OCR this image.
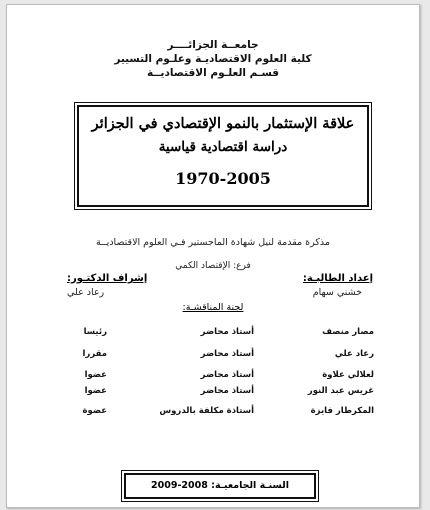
جامعــة الجزائــــر
كلية العلوم الاقتصاديـة وعلـوم التسيير
قسـم العلـوم الاقتصاديــة
علاقة الإستثمار بالنمو الإقتصادي في الجزائر
دراسة اقتصادية قياسية
1970-2005
مذكرة مقدمة لنيل شهادة الماجستير فـي العلوم الاقتصاديــة
فرع: الإقتصاد الكمي
إعداد الطالبـة:
خشني سهام
إشراف الدكتـور:
رعاد علي
لجنة المناقشـة:
مصار منصف
أستاذ محاضر
رئيسا
رعاد علي
أستاذ محاضر
مقررا
لعلالي علاوة
أستاذ محاضر
عضوا
غريس عبد النور
أستاذ محاضر
عضوا
المكرطار فايزة
أستاذة مكلفة بالدروس
عضوة
السنـة الجامعيـة: 2008-2009
